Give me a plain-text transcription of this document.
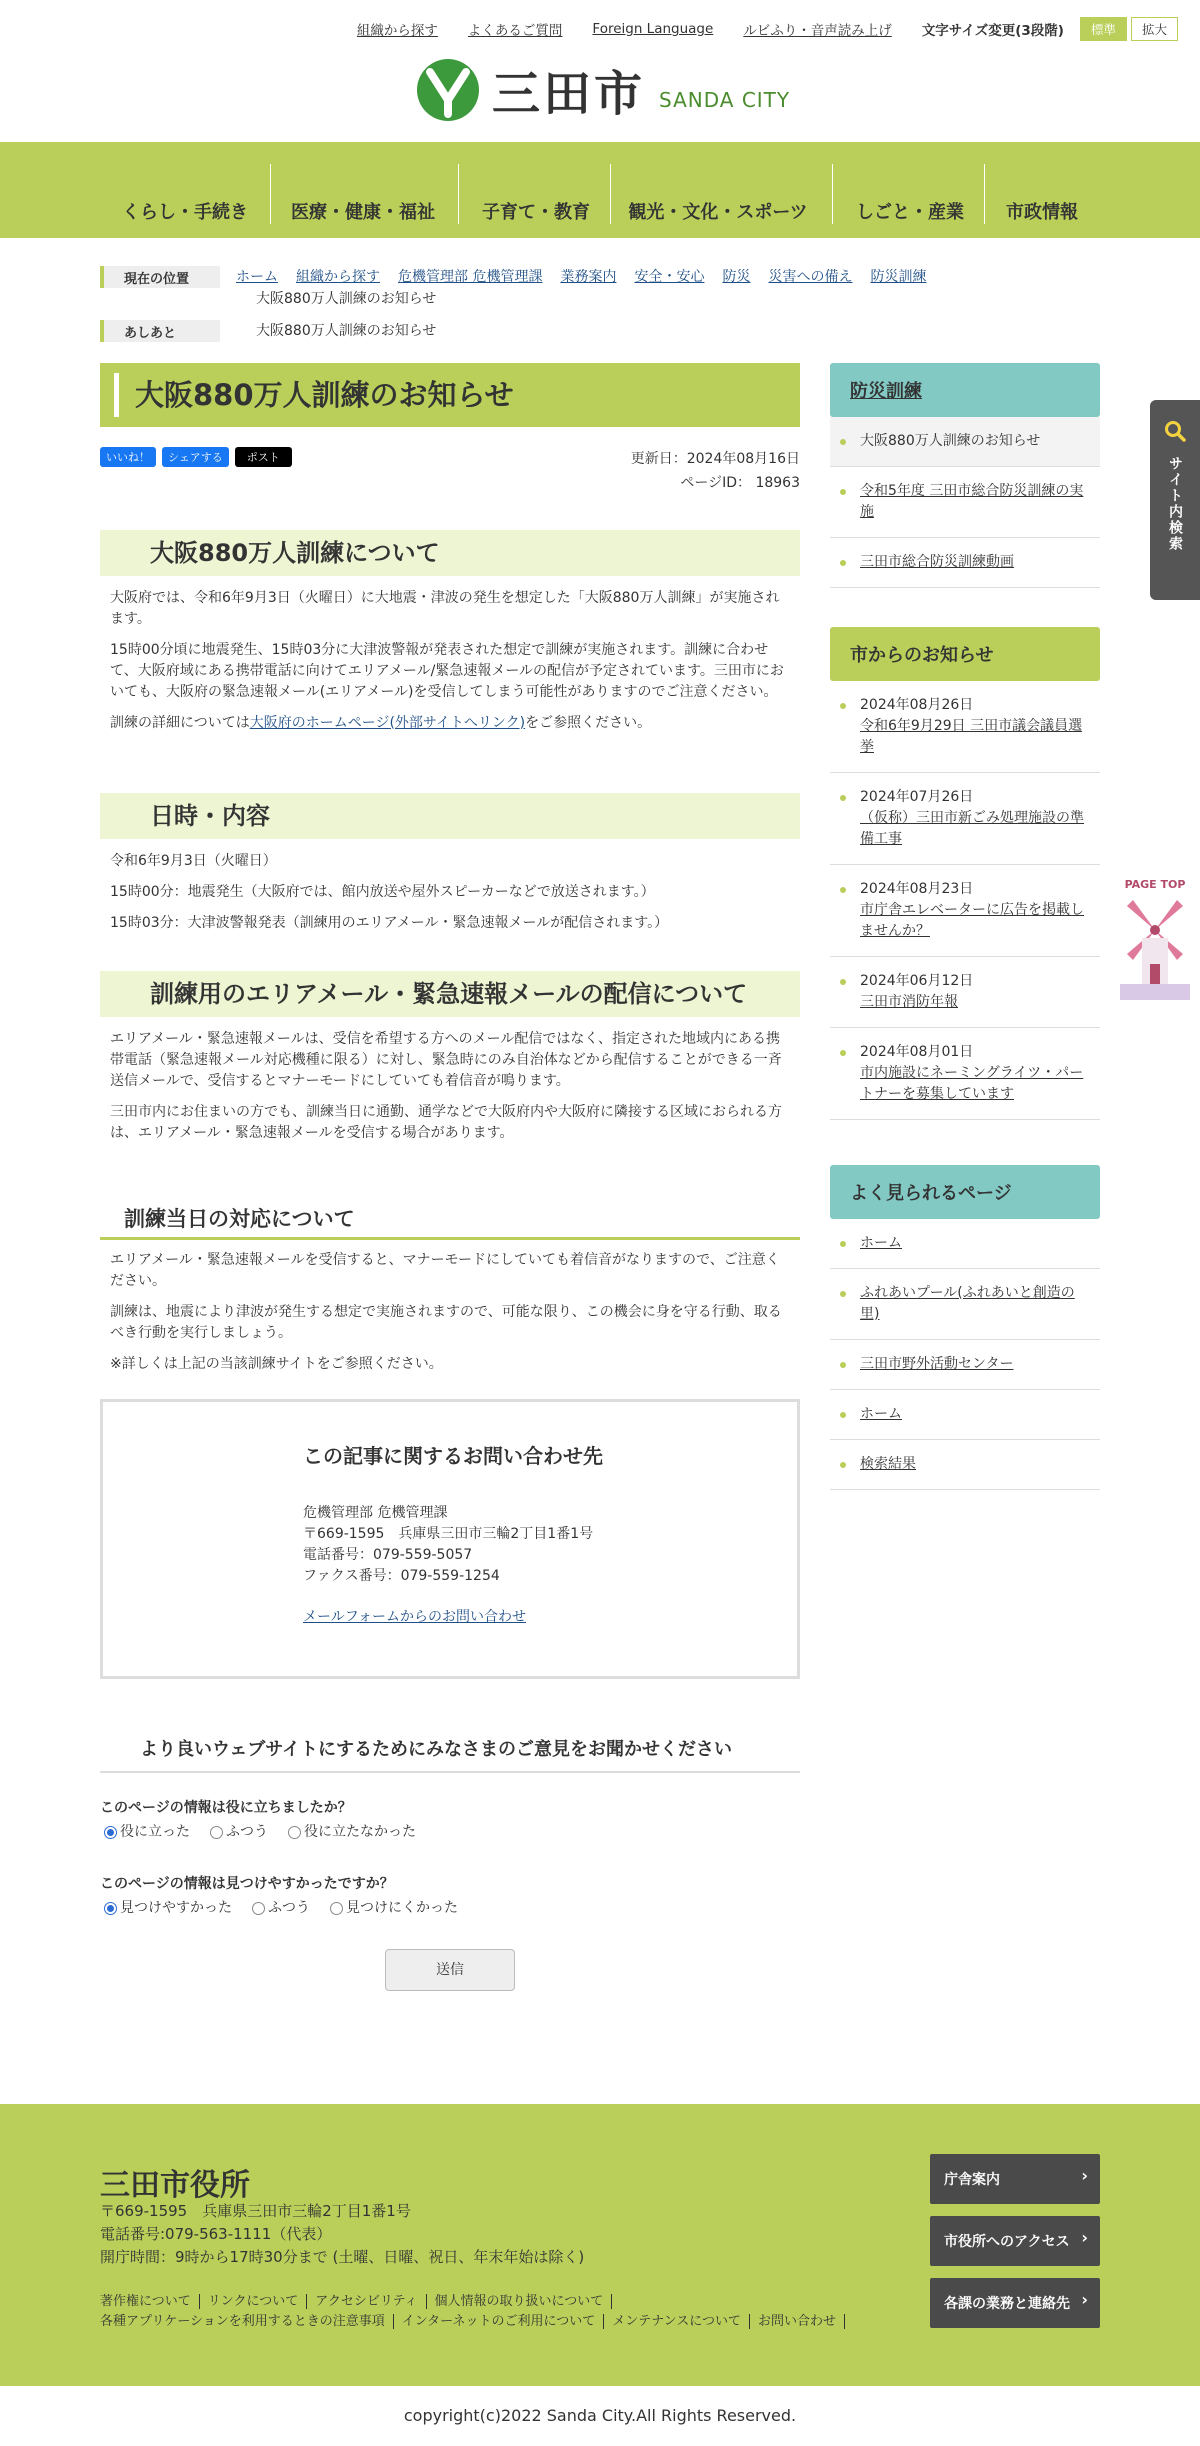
組織から探す よくあるご質問 Foreign Language ルビふり・音声読み上げ 文字サイズ変更(3段階)	標準	拡大
三田市 SANDA CITY
くらし・手続き	医療・健康・福祉	子育て・教育	観光・文化・スポーツ	しごと・産業	市政情報
現在の位置	ホーム 組織から探す 危機管理部 危機管理課 業務案内 安全・安心 防災 災害への備え 防災訓練
大阪880万人訓練のお知らせ
あしあと	大阪880万人訓練のお知らせ
大阪880万人訓練のお知らせ
いいね！	シェアする	ポスト	更新日：2024年08月16日
ページID： 18963
大阪880万人訓練について

大阪府では、令和6年9月3日（火曜日）に大地震・津波の発生を想定した「大阪880万人訓練」が実施されます。

15時00分頃に地震発生、15時03分に大津波警報が発表された想定で訓練が実施されます。訓練に合わせて、大阪府域にある携帯電話に向けてエリアメール/緊急速報メールの配信が予定されています。三田市においても、大阪府の緊急速報メール(エリアメール)を受信してしまう可能性がありますのでご注意ください。

訓練の詳細については大阪府のホームページ(外部サイトへリンク)をご参照ください。

日時・内容

令和6年9月3日（火曜日）

15時00分：地震発生（大阪府では、館内放送や屋外スピーカーなどで放送されます。）

15時03分：大津波警報発表（訓練用のエリアメール・緊急速報メールが配信されます。）

訓練用のエリアメール・緊急速報メールの配信について

エリアメール・緊急速報メールは、受信を希望する方へのメール配信ではなく、指定された地域内にある携帯電話（緊急速報メール対応機種に限る）に対し、緊急時にのみ自治体などから配信することができる一斉送信メールで、受信するとマナーモードにしていても着信音が鳴ります。

三田市内にお住まいの方でも、訓練当日に通勤、通学などで大阪府内や大阪府に隣接する区域におられる方は、エリアメール・緊急速報メールを受信する場合があります。

訓練当日の対応について

エリアメール・緊急速報メールを受信すると、マナーモードにしていても着信音がなりますので、ご注意ください。

訓練は、地震により津波が発生する想定で実施されますので、可能な限り、この機会に身を守る行動、取るべき行動を実行しましょう。

※詳しくは上記の当該訓練サイトをご参照ください。

この記事に関するお問い合わせ先
危機管理部 危機管理課
〒669-1595　兵庫県三田市三輪2丁目1番1号
電話番号：079-559-5057
ファクス番号：079-559-1254
メールフォームからのお問い合わせ
より良いウェブサイトにするためにみなさまのご意見をお聞かせください
このページの情報は役に立ちましたか？
役に立った	ふつう	役に立たなかった
このページの情報は見つけやすかったですか？
見つけやすかった	ふつう	見つけにくかった
送信
防災訓練
大阪880万人訓練のお知らせ
令和5年度 三田市総合防災訓練の実施
三田市総合防災訓練動画
市からのお知らせ
2024年08月26日
令和6年9月29日 三田市議会議員選挙
2024年07月26日
（仮称）三田市新ごみ処理施設の準備工事
2024年08月23日
市庁舎エレベーターに広告を掲載しませんか？
2024年06月12日
三田市消防年報
2024年08月01日
市内施設にネーミングライツ・パートナーを募集しています
よく見られるページ
ホーム
ふれあいプール(ふれあいと創造の里)
三田市野外活動センター
ホーム
検索結果
サイト内検索
PAGE TOP
三田市役所
〒669-1595　兵庫県三田市三輪2丁目1番1号
電話番号:079-563-1111（代表）
開庁時間：9時から17時30分まで (土曜、日曜、祝日、年末年始は除く)
著作権について リンクについて アクセシビリティ 個人情報の取り扱いについて
各種アプリケーションを利用するときの注意事項 インターネットのご利用について メンテナンスについて お問い合わせ
庁舎案内 ›
市役所へのアクセス ›
各課の業務と連絡先 ›
copyright(c)2022 Sanda City.All Rights Reserved.
